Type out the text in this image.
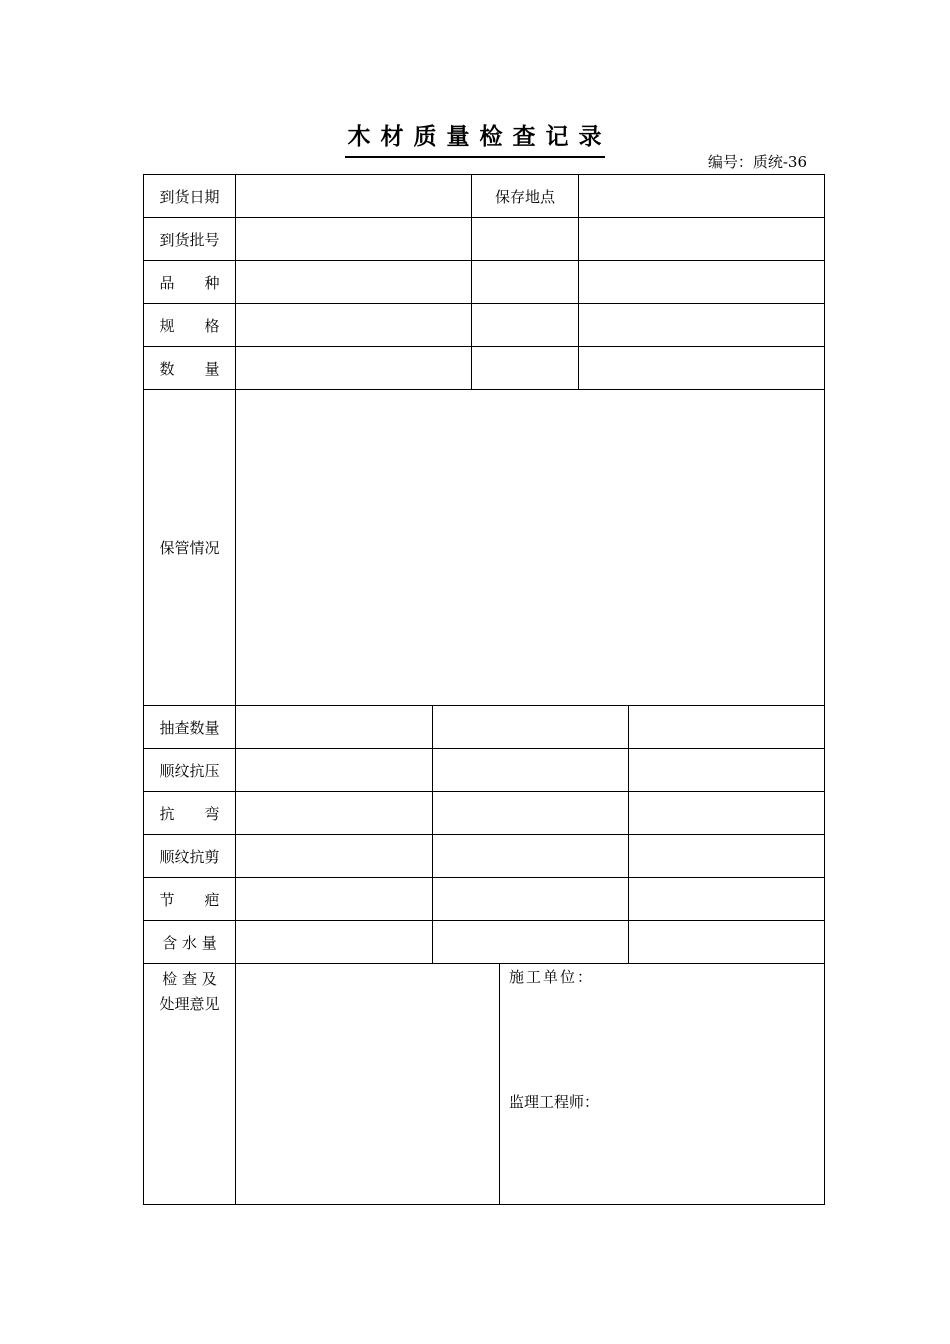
木 材 质 量 检 查 记 录
编号：质统-36
到货日期	保存地点
到货批号
品　　种
规　　格
数　　量
保管情况
抽查数量
顺纹抗压
抗　　弯
顺纹抗剪
节　　疤
含 水 量
检 查 及
处理意见
施工单位：
监理工程师：
